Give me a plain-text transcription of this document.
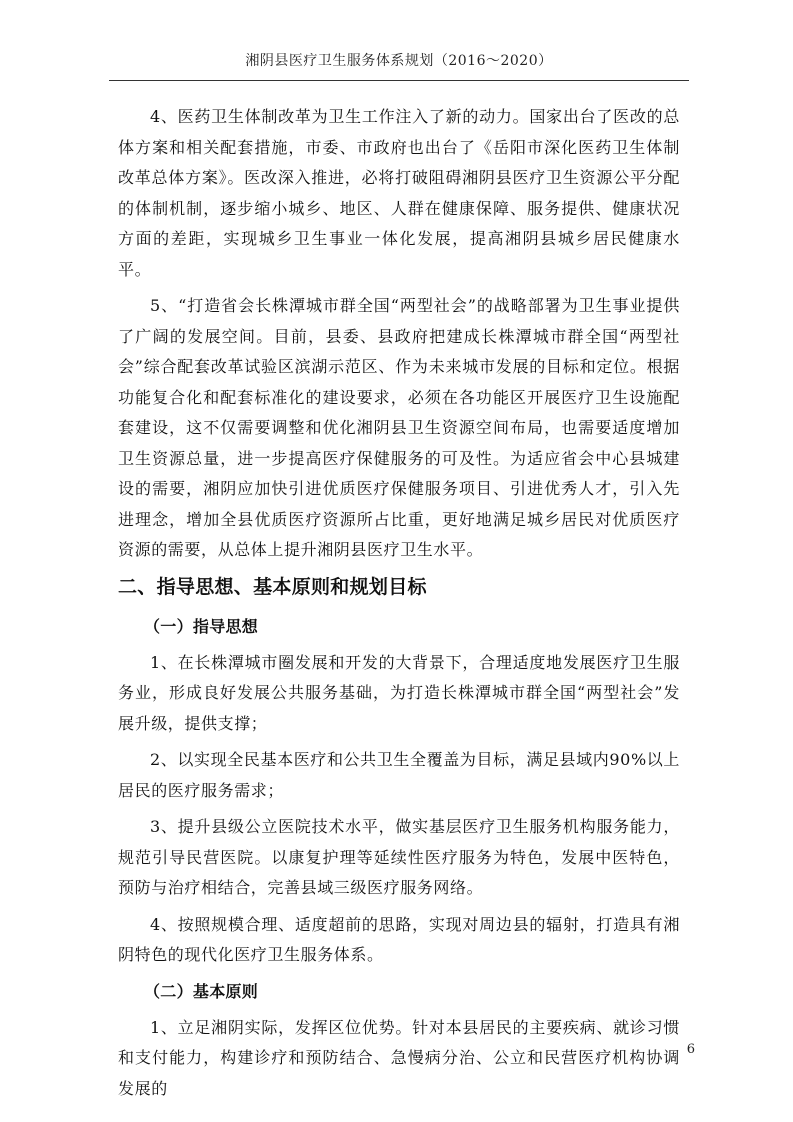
湘阴县医疗卫生服务体系规划（2016～2020）

4、医药卫生体制改革为卫生工作注入了新的动力。国家出台了医改的总体方案和相关配套措施，市委、市政府也出台了《岳阳市深化医药卫生体制改革总体方案》。医改深入推进，必将打破阻碍湘阴县医疗卫生资源公平分配的体制机制，逐步缩小城乡、地区、人群在健康保障、服务提供、健康状况方面的差距，实现城乡卫生事业一体化发展，提高湘阴县城乡居民健康水平。

5、“打造省会长株潭城市群全国“两型社会”的战略部署为卫生事业提供了广阔的发展空间。目前，县委、县政府把建成长株潭城市群全国“两型社会”综合配套改革试验区滨湖示范区、作为未来城市发展的目标和定位。根据功能复合化和配套标准化的建设要求，必须在各功能区开展医疗卫生设施配套建设，这不仅需要调整和优化湘阴县卫生资源空间布局，也需要适度增加卫生资源总量，进一步提高医疗保健服务的可及性。为适应省会中心县城建设的需要，湘阴应加快引进优质医疗保健服务项目、引进优秀人才，引入先进理念，增加全县优质医疗资源所占比重，更好地满足城乡居民对优质医疗资源的需要，从总体上提升湘阴县医疗卫生水平。

二、指导思想、基本原则和规划目标
（一）指导思想

1、在长株潭城市圈发展和开发的大背景下，合理适度地发展医疗卫生服务业，形成良好发展公共服务基础，为打造长株潭城市群全国“两型社会”发展升级，提供支撑；

2、以实现全民基本医疗和公共卫生全覆盖为目标，满足县域内90%以上居民的医疗服务需求；

3、提升县级公立医院技术水平，做实基层医疗卫生服务机构服务能力，规范引导民营医院。以康复护理等延续性医疗服务为特色，发展中医特色，预防与治疗相结合，完善县域三级医疗服务网络。

4、按照规模合理、适度超前的思路，实现对周边县的辐射，打造具有湘阴特色的现代化医疗卫生服务体系。

（二）基本原则

1、立足湘阴实际，发挥区位优势。针对本县居民的主要疾病、就诊习惯和支付能力，构建诊疗和预防结合、急慢病分治、公立和民营医疗机构协调发展的

6
